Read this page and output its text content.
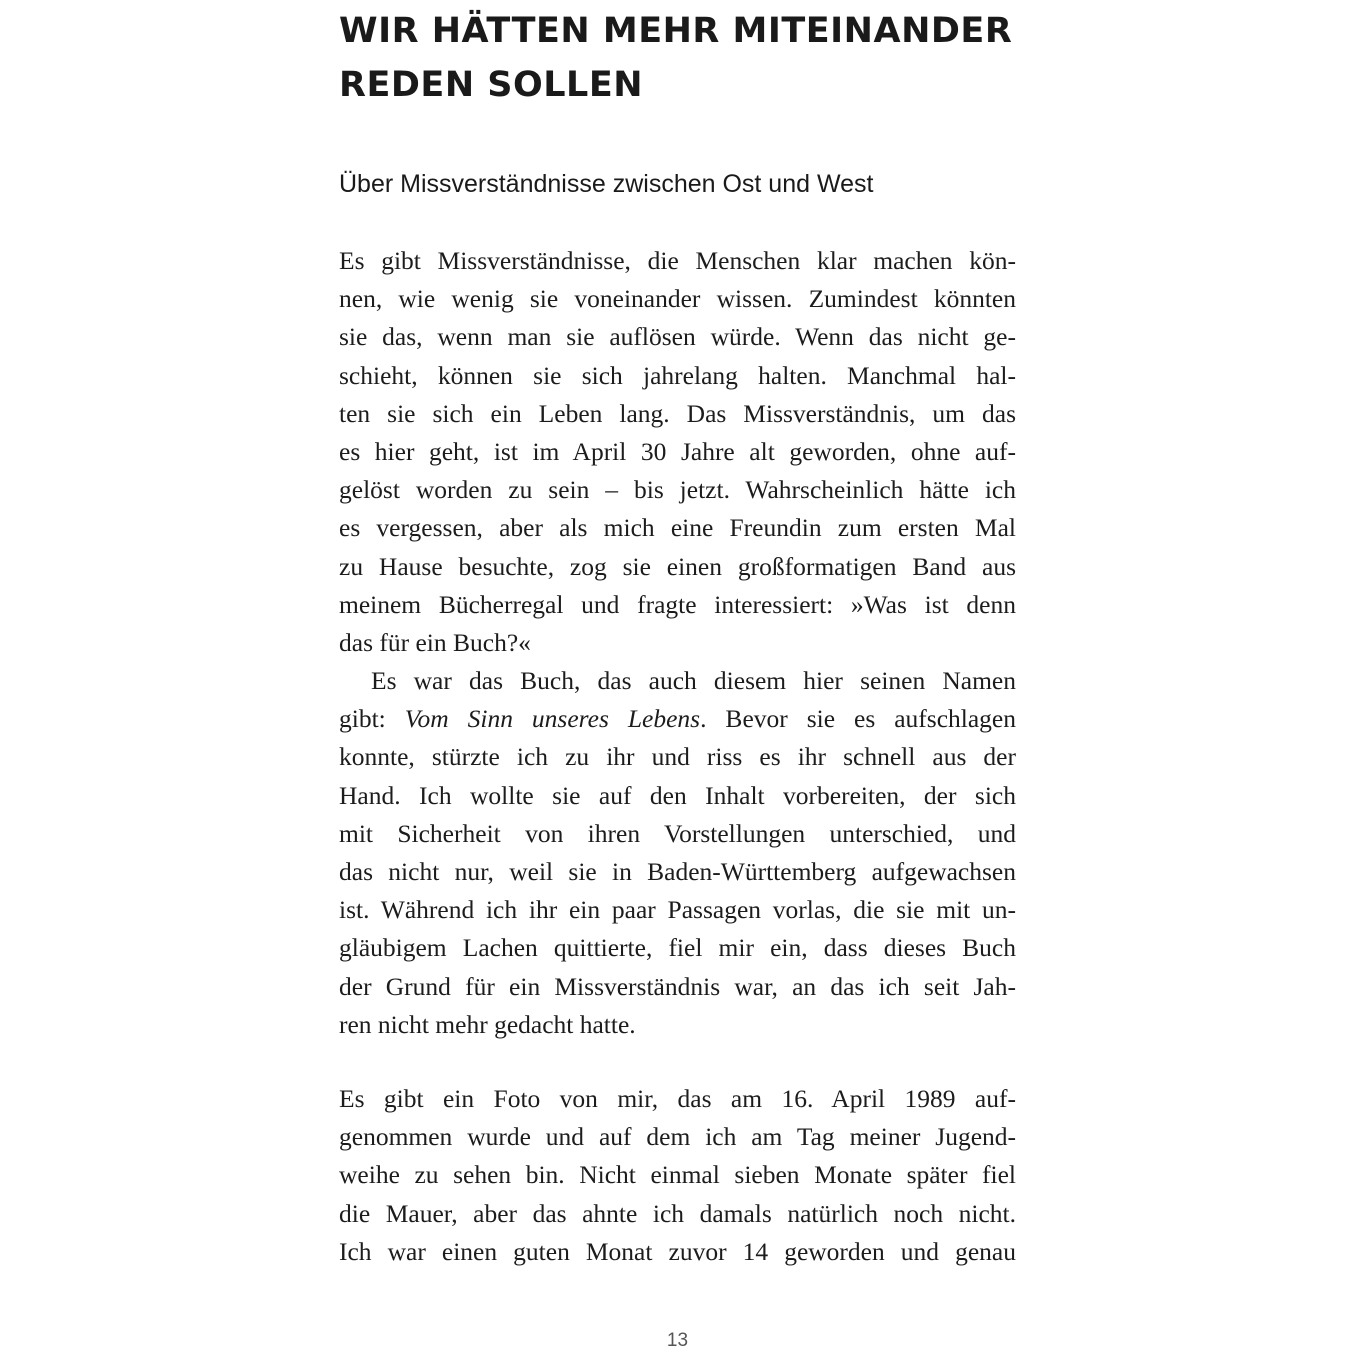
WIR HÄTTEN MEHR MITEINANDER
REDEN SOLLEN
Über Missverständnisse zwischen Ost und West
Es gibt Missverständnisse, die Menschen klar machen kön-
nen, wie wenig sie voneinander wissen. Zumindest könnten
sie das, wenn man sie auflösen würde. Wenn das nicht ge-
schieht, können sie sich jahrelang halten. Manchmal hal-
ten sie sich ein Leben lang. Das Missverständnis, um das
es hier geht, ist im April 30 Jahre alt geworden, ohne auf-
gelöst worden zu sein – bis jetzt. Wahrscheinlich hätte ich
es vergessen, aber als mich eine Freundin zum ersten Mal
zu Hause besuchte, zog sie einen großformatigen Band aus
meinem Bücherregal und fragte interessiert: »Was ist denn
das für ein Buch?«
Es war das Buch, das auch diesem hier seinen Namen
gibt: Vom Sinn unseres Lebens. Bevor sie es aufschlagen
konnte, stürzte ich zu ihr und riss es ihr schnell aus der
Hand. Ich wollte sie auf den Inhalt vorbereiten, der sich
mit Sicherheit von ihren Vorstellungen unterschied, und
das nicht nur, weil sie in Baden-Württemberg aufgewachsen
ist. Während ich ihr ein paar Passagen vorlas, die sie mit un-
gläubigem Lachen quittierte, fiel mir ein, dass dieses Buch
der Grund für ein Missverständnis war, an das ich seit Jah-
ren nicht mehr gedacht hatte.
Es gibt ein Foto von mir, das am 16. April 1989 auf-
genommen wurde und auf dem ich am Tag meiner Jugend-
weihe zu sehen bin. Nicht einmal sieben Monate später fiel
die Mauer, aber das ahnte ich damals natürlich noch nicht.
Ich war einen guten Monat zuvor 14 geworden und genau
13
